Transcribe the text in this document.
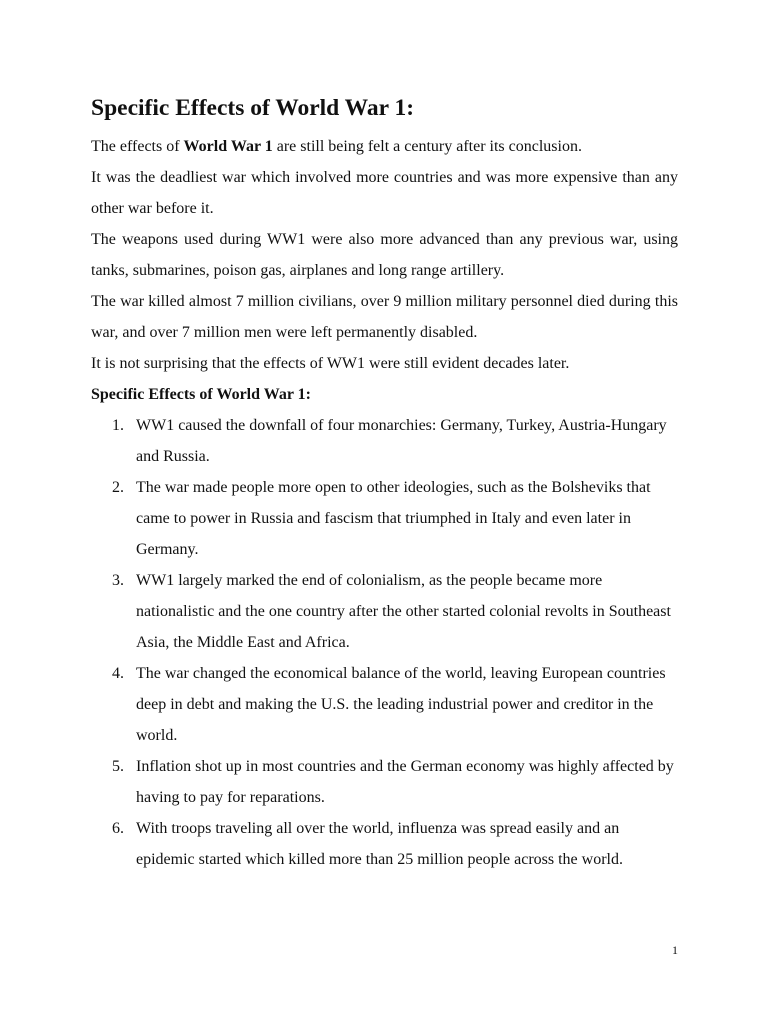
Specific Effects of World War 1:

The effects of World War 1 are still being felt a century after its conclusion.

It was the deadliest war which involved more countries and was more expensive than any other war before it.

The weapons used during WW1 were also more advanced than any previous war, using tanks, submarines, poison gas, airplanes and long range artillery.

The war killed almost 7 million civilians, over 9 million military personnel died during this war, and over 7 million men were left permanently disabled.

It is not surprising that the effects of WW1 were still evident decades later.

Specific Effects of World War 1:

1. WW1 caused the downfall of four monarchies: Germany, Turkey, Austria-Hungary and Russia.
2. The war made people more open to other ideologies, such as the Bolsheviks that came to power in Russia and fascism that triumphed in Italy and even later in Germany.
3. WW1 largely marked the end of colonialism, as the people became more nationalistic and the one country after the other started colonial revolts in Southeast Asia, the Middle East and Africa.
4. The war changed the economical balance of the world, leaving European countries deep in debt and making the U.S. the leading industrial power and creditor in the world.
5. Inflation shot up in most countries and the German economy was highly affected by having to pay for reparations.
6. With troops traveling all over the world, influenza was spread easily and an epidemic started which killed more than 25 million people across the world.
1
